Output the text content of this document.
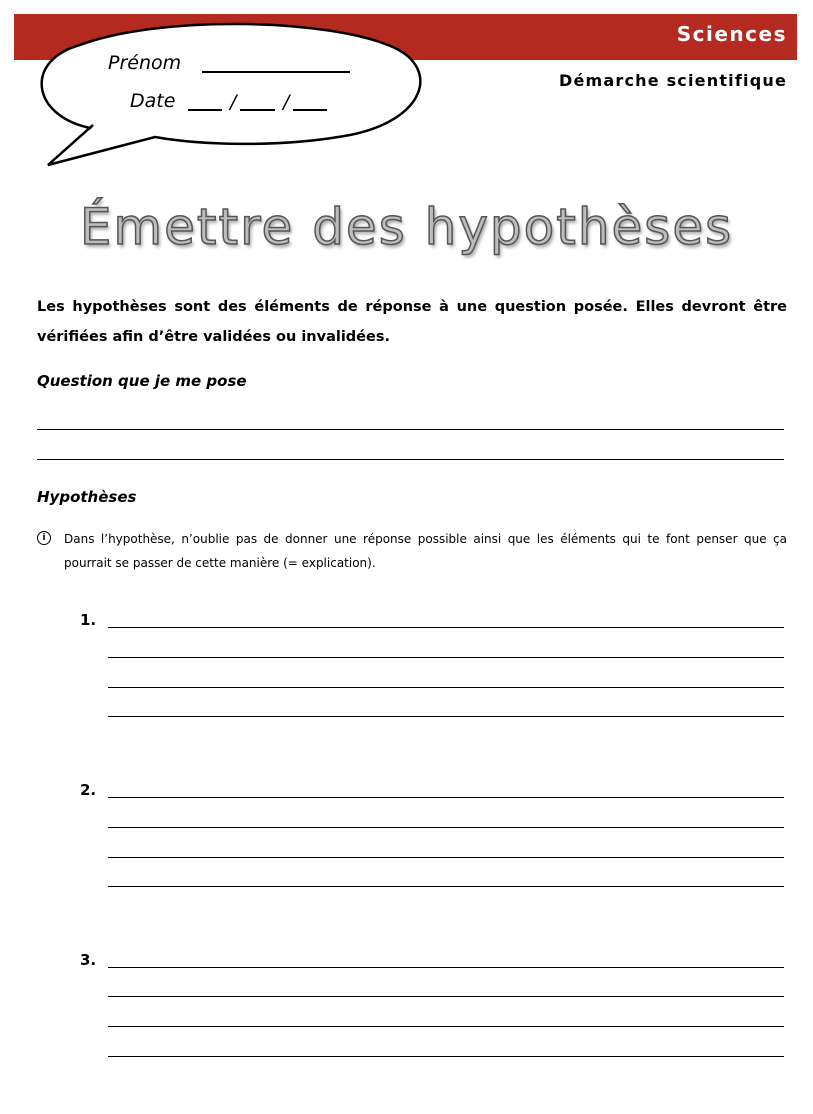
Sciences
Démarche scientifique
Prénom
Date	/ /
Émettre des hypothèses
Les hypothèses sont des éléments de réponse à une question posée. Elles devront être vérifiées afin d’être validées ou invalidées.
Question que je me pose
Hypothèses
i	Dans l’hypothèse, n’oublie pas de donner une réponse possible ainsi que les éléments qui te font penser que ça pourrait se passer de cette manière (= explication).
1.
2.
3.
